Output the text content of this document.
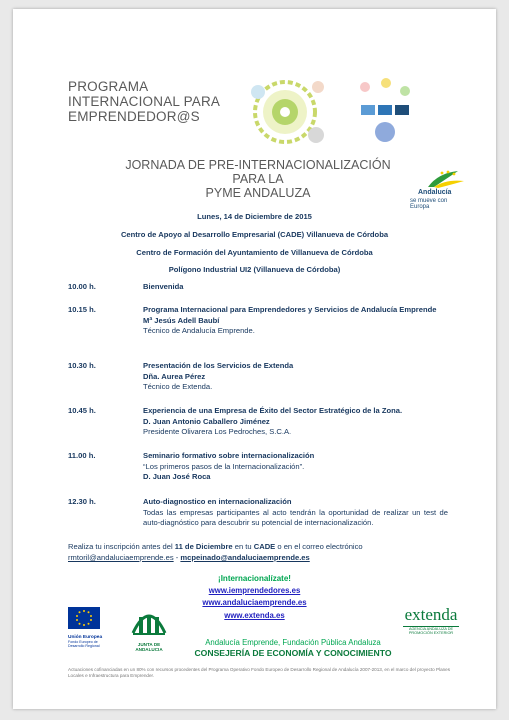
PROGRAMA
INTERNACIONAL PARA
EMPRENDEDOR@S
JORNADA DE PRE-INTERNACIONALIZACIÓN PARA LA
PYME ANDALUZA	Andalucía
se mueve con Europa
Lunes, 14 de Diciembre de 2015
Centro de Apoyo al Desarrollo Empresarial (CADE) Villanueva de Córdoba
Centro de Formación del Ayuntamiento de Villanueva de Córdoba
Polígono Industrial UI2 (Villanueva de Córdoba)
10.00 h.	Bienvenida
10.15 h.	Programa Internacional para Emprendedores y Servicios de Andalucía Emprende
Mª Jesús Adell Baubí
Técnico de Andalucía Emprende.
10.30 h.	Presentación de los Servicios de Extenda
Dña. Aurea Pérez
Técnico de Extenda.
10.45 h.	Experiencia de una Empresa de Éxito del Sector Estratégico de la Zona.
D. Juan Antonio Caballero Jiménez
Presidente Olivarera Los Pedroches, S.C.A.
11.00 h.	Seminario formativo sobre internacionalización
“Los primeros pasos de la Internacionalización”.
D. Juan José Roca
12.30 h.	Auto-diagnostico en internacionalización
Todas las empresas participantes al acto tendrán la oportunidad de realizar un test de auto-diagnóstico para descubrir su potencial de internacionalización.
Realiza tu inscripción antes del 11 de Diciembre en tu CADE o en el correo electrónico
rmtoril@andaluciaemprende.es - mcpeinado@andaluciaemprende.es
¡Internacionalízate!
www.iemprendedores.es
www.andaluciaemprende.es
www.extenda.es
Unión Europea
Fondo Europeo de Desarrollo Regional	JUNTA DE ANDALUCIA
Andalucía Emprende, Fundación Pública Andaluza
CONSEJERÍA DE ECONOMÍA Y CONOCIMIENTO
extenda
AGENCIA ANDALUZA DE
PROMOCIÓN EXTERIOR
Actuaciones cofinanciadas en un 80% con recursos procedentes del Programa Operativo Fondo Europeo de Desarrollo Regional de Andalucía 2007-2013, en el marco del proyecto Planes Locales e Infraestructura para Emprender.
